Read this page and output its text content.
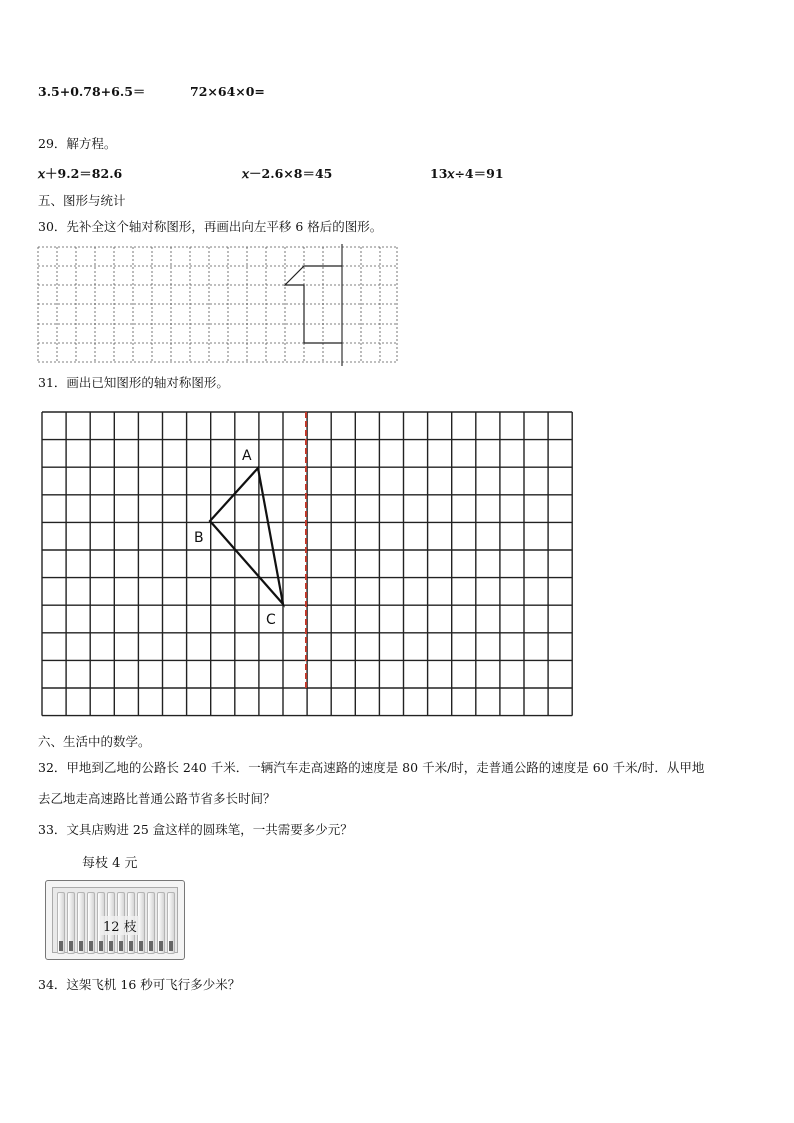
3.5+0.78+6.5＝	72×64×0=
29．解方程。
𝑥＋9.2＝82.6	𝑥－2.6×8＝45	13𝑥÷4＝91
五、图形与统计
30．先补全这个轴对称图形，再画出向左平移 6 格后的图形。
31．画出已知图形的轴对称图形。
A
B
C
六、生活中的数学。
32．甲地到乙地的公路长 240 千米．一辆汽车走高速路的速度是 80 千米/时，走普通公路的速度是 60 千米/时．从甲地
去乙地走高速路比普通公路节省多长时间？
33．文具店购进 25 盒这样的圆珠笔，一共需要多少元？
每枝 4 元
12 枝
34．这架飞机 16 秒可飞行多少米？
